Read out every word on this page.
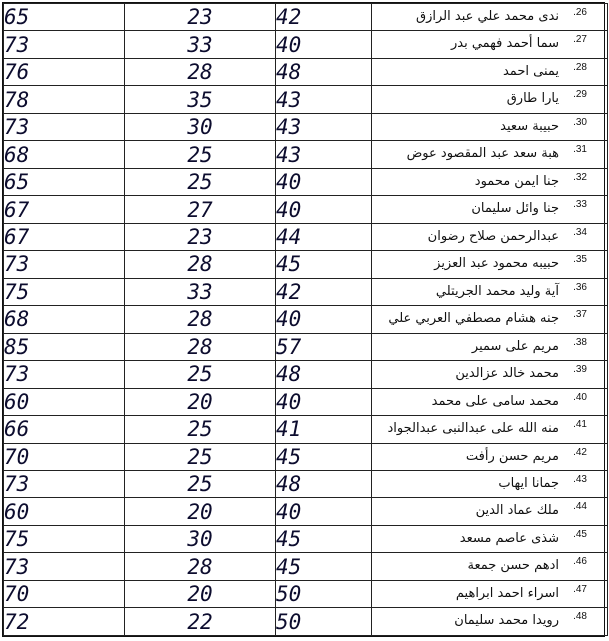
65	23	42	ندى محمد علي عبد الرازق .26

73	33	40	سما أحمد فهمي بدر .27

76	28	48	يمنى احمد .28

78	35	43	يارا طارق .29

73	30	43	حبيبة سعيد .30

68	25	43	هبة سعد عبد المقصود عوض .31

65	25	40	جنا ايمن محمود .32

67	27	40	جنا وائل سليمان .33

67	23	44	عبدالرحمن صلاح رضوان .34

73	28	45	حبيبه محمود عبد العزيز .35

75	33	42	آية وليد محمد الجريتلي .36

68	28	40	جنه هشام مصطفي العربي علي .37

85	28	57	مريم على سمير .38

73	25	48	محمد خالد عزالدين .39

60	20	40	محمد سامى على محمد .40

66	25	41	منه الله على عبدالنبى عبدالجواد .41

70	25	45	مريم حسن رأفت .42

73	25	48	جمانا ايهاب .43

60	20	40	ملك عماد الدين .44

75	30	45	شذى عاصم مسعد .45

73	28	45	ادهم حسن جمعة .46

70	20	50	اسراء احمد ابراهيم .47

72	22	50	رويدا محمد سليمان .48
